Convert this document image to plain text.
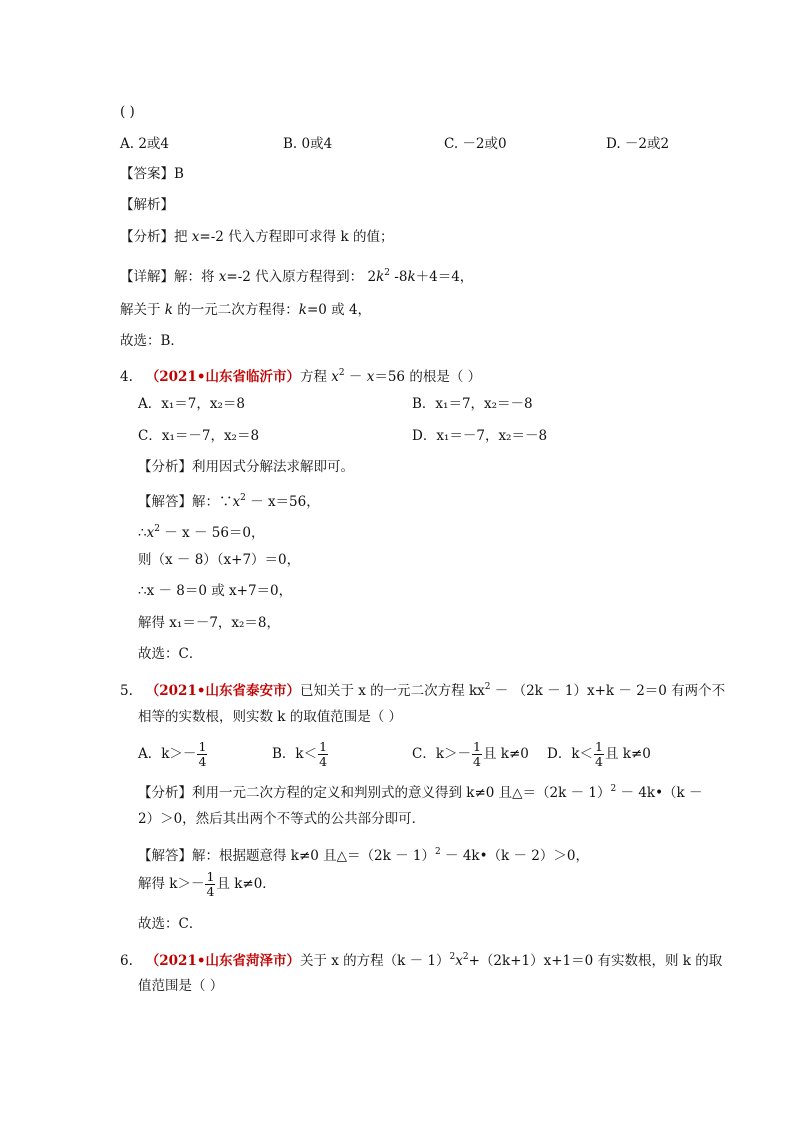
( )
A. 2或4	B. 0或4	C. －2或0	D. －2或2
【答案】B
【解析】
【分析】把 x=-2 代入方程即可求得 k 的值；
【详解】解：将 x=-2 代入原方程得到： $2k^2$ -8k＋4＝4，
解关于 k 的一元二次方程得：k=0 或 4，
故选：B．
4. （2021•山东省临沂市）方程 $x^2 - x=56$ 的根是（ ）
A．x₁＝7，x₂＝8	B．x₁＝7，x₂＝－8
C．x₁＝－7，x₂＝8	D．x₁＝－7，x₂＝－8
【分析】利用因式分解法求解即可。
【解答】解：$\because x^2 - x=56$，
$\therefore x^2 - x - 56=0$，
则（x － 8）（x+7）＝0，
∴x － 8＝0 或 x+7＝0，
解得 x₁＝－7，x₂＝8，
故选：C．
5. （2021•山东省泰安市）已知关于 x 的一元二次方程 $kx^2 - (2k - 1)x+k - 2=0$ 有两个不
相等的实数根，则实数 k 的取值范围是（ ）
A．$k>- \frac{1}{4}$	B．$k< \frac{1}{4}$	C．$k>- \frac{1}{4}$ 且 k≠0 D．$k< \frac{1}{4}$ 且 k≠0
【分析】利用一元二次方程的定义和判别式的意义得到 k≠0 且△＝（2k － 1）$^2$ － 4k•（k －
2）＞0，然后其出两个不等式的公共部分即可．
【解答】解：根据题意得 k≠0 且△＝（2k － 1）$^2$ － 4k•（k － 2）＞0，
解得 $k>- \frac{1}{4}$ 且 k≠0．
故选：C．
6. （2021•山东省菏泽市）关于 x 的方程$(k - 1)^2x^2+(2k+1)x+1=0$ 有实数根，则 k 的取
值范围是（ ）
